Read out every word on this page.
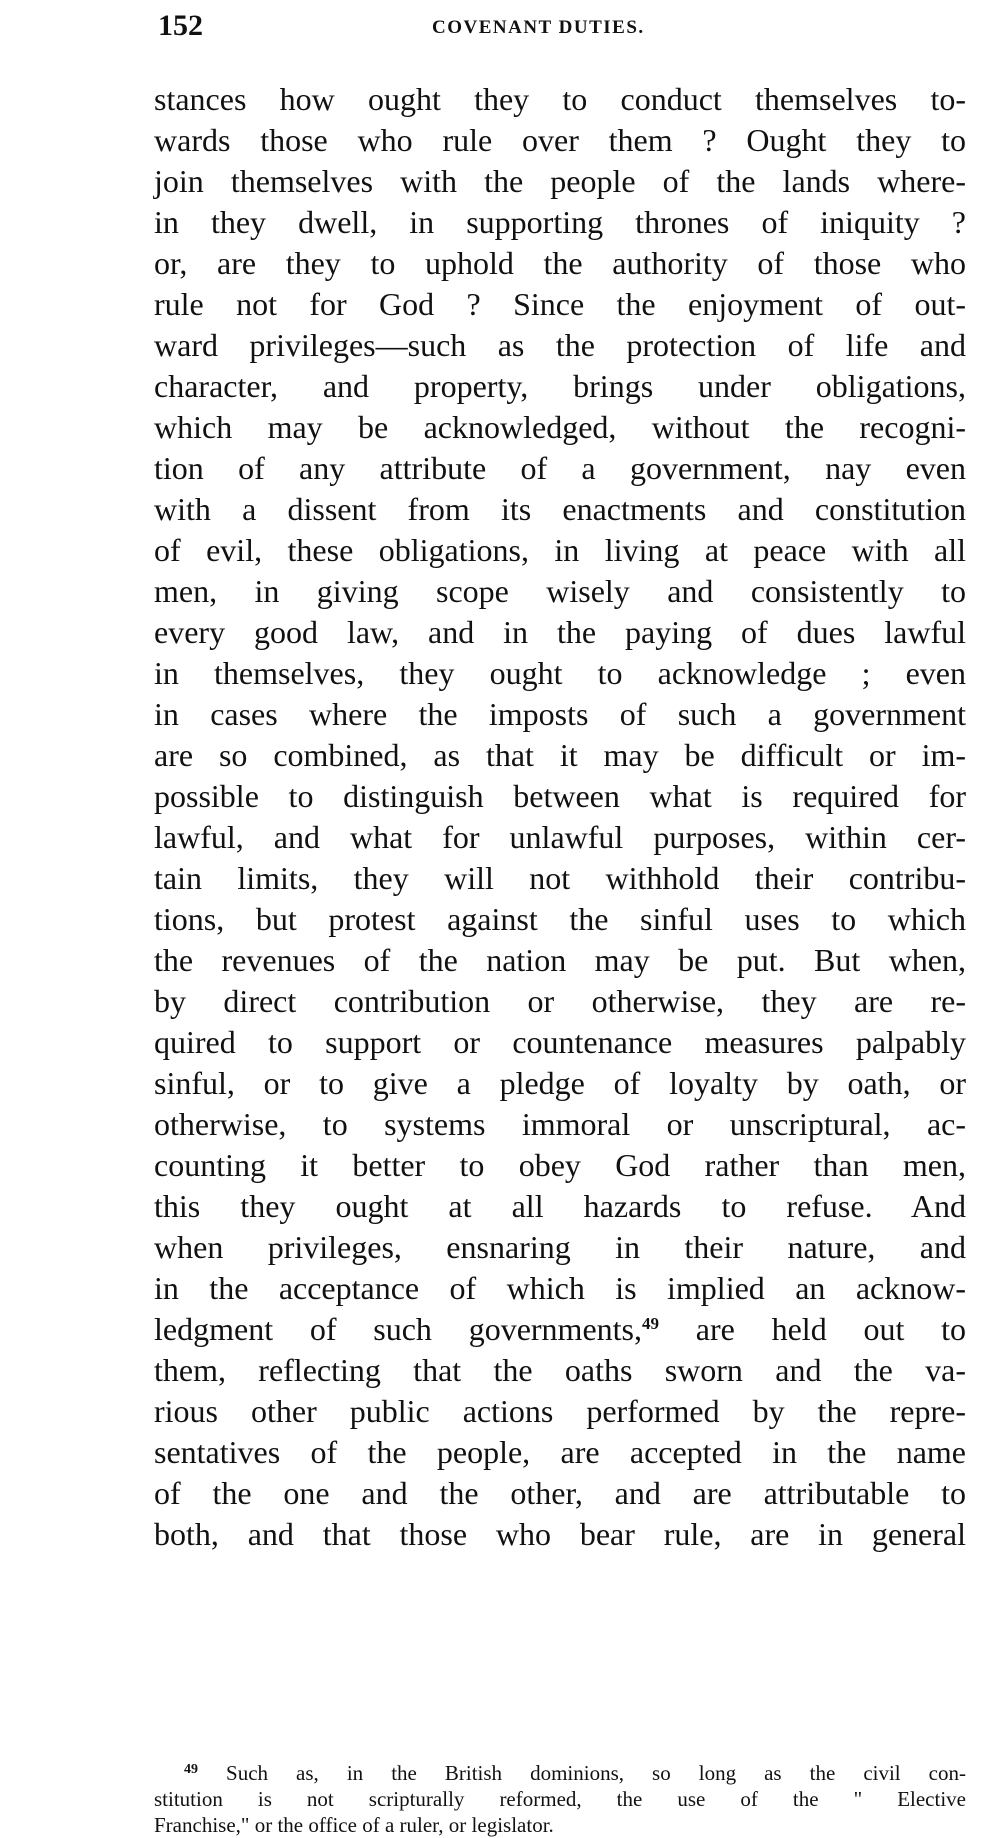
152	COVENANT DUTIES.
stances how ought they to conduct themselves to-
wards those who rule over them ? Ought they to
join themselves with the people of the lands where-
in they dwell, in supporting thrones of iniquity ?
or, are they to uphold the authority of those who
rule not for God ? Since the enjoyment of out-
ward privileges—such as the protection of life and
character, and property, brings under obligations,
which may be acknowledged, without the recogni-
tion of any attribute of a government, nay even
with a dissent from its enactments and constitution
of evil, these obligations, in living at peace with all
men, in giving scope wisely and consistently to
every good law, and in the paying of dues lawful
in themselves, they ought to acknowledge ; even
in cases where the imposts of such a government
are so combined, as that it may be difficult or im-
possible to distinguish between what is required for
lawful, and what for unlawful purposes, within cer-
tain limits, they will not withhold their contribu-
tions, but protest against the sinful uses to which
the revenues of the nation may be put. But when,
by direct contribution or otherwise, they are re-
quired to support or countenance measures palpably
sinful, or to give a pledge of loyalty by oath, or
otherwise, to systems immoral or unscriptural, ac-
counting it better to obey God rather than men,
this they ought at all hazards to refuse. And
when privileges, ensnaring in their nature, and
in the acceptance of which is implied an acknow-
ledgment of such governments,$^{49}$ are held out to
them, reflecting that the oaths sworn and the va-
rious other public actions performed by the repre-
sentatives of the people, are accepted in the name
of the one and the other, and are attributable to
both, and that those who bear rule, are in general
$^{49}$ Such as, in the British dominions, so long as the civil con-
stitution is not scripturally reformed, the use of the " Elective
Franchise," or the office of a ruler, or legislator.
